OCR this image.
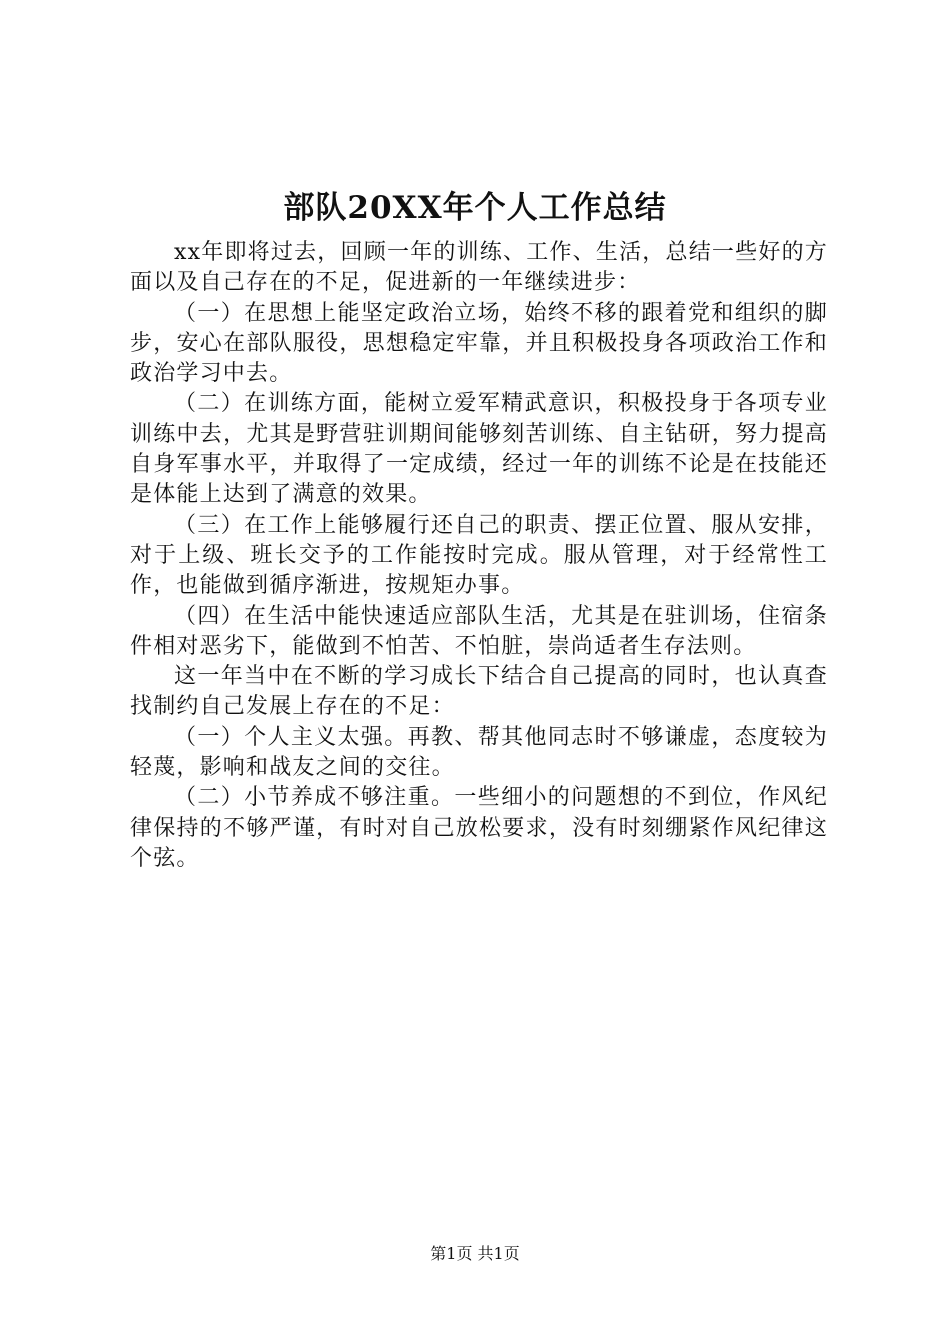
部队20XX年个人工作总结

xx年即将过去，回顾一年的训练、工作、生活，总结一些好的方面以及自己存在的不足，促进新的一年继续进步：

（一）在思想上能坚定政治立场，始终不移的跟着党和组织的脚步，安心在部队服役，思想稳定牢靠，并且积极投身各项政治工作和政治学习中去。

（二）在训练方面，能树立爱军精武意识，积极投身于各项专业训练中去，尤其是野营驻训期间能够刻苦训练、自主钻研，努力提高自身军事水平，并取得了一定成绩，经过一年的训练不论是在技能还是体能上达到了满意的效果。

（三）在工作上能够履行还自己的职责、摆正位置、服从安排，对于上级、班长交予的工作能按时完成。服从管理，对于经常性工作，也能做到循序渐进，按规矩办事。

（四）在生活中能快速适应部队生活，尤其是在驻训场，住宿条件相对恶劣下，能做到不怕苦、不怕脏，崇尚适者生存法则。

这一年当中在不断的学习成长下结合自己提高的同时，也认真查找制约自己发展上存在的不足：

（一）个人主义太强。再教、帮其他同志时不够谦虚，态度较为轻蔑，影响和战友之间的交往。

（二）小节养成不够注重。一些细小的问题想的不到位，作风纪律保持的不够严谨，有时对自己放松要求，没有时刻绷紧作风纪律这个弦。

第1页 共1页
